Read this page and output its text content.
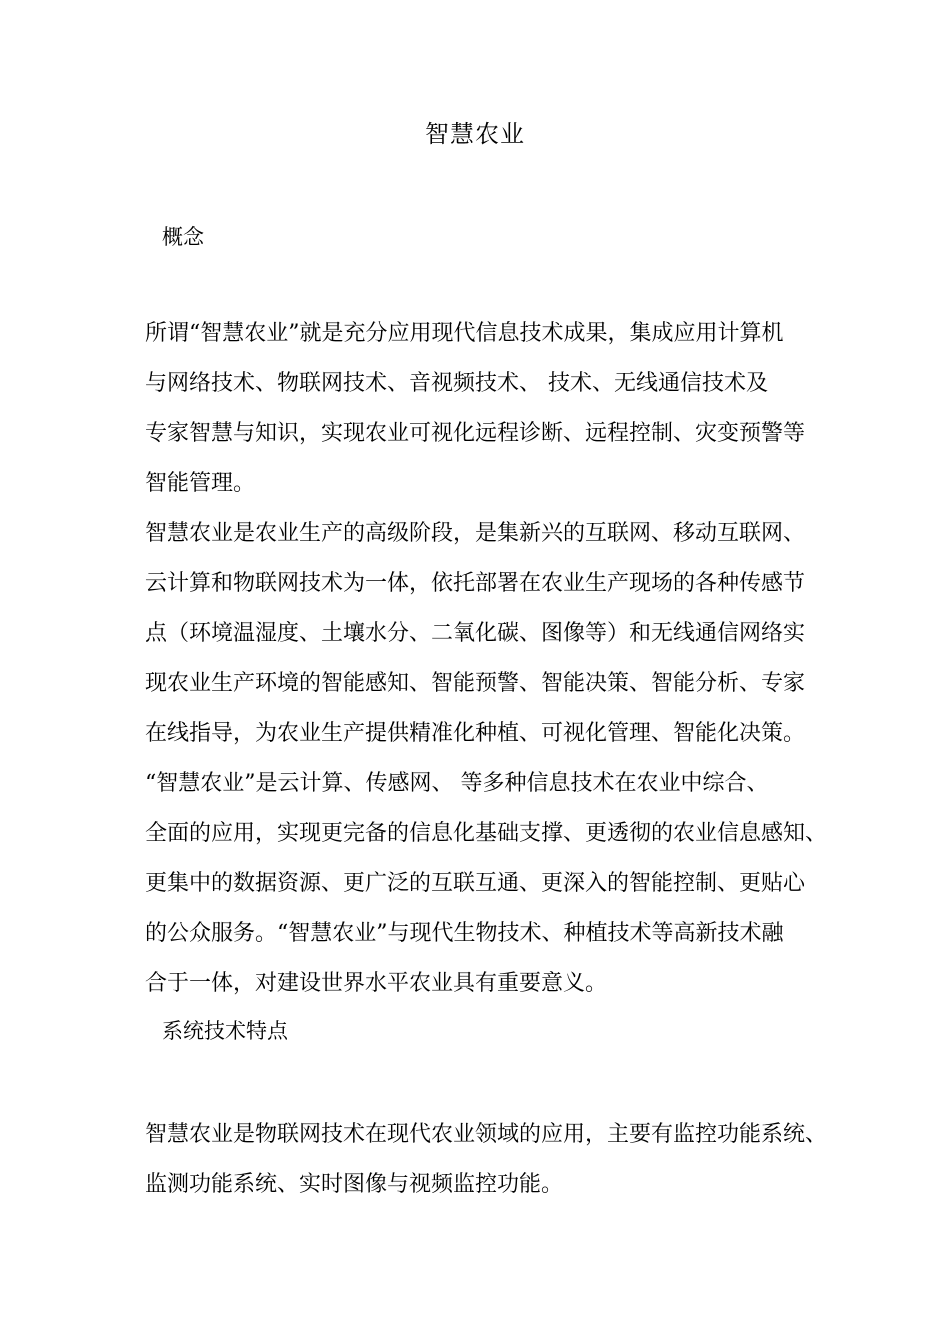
智慧农业
概念
所谓“智慧农业”就是充分应用现代信息技术成果，集成应用计算机
与网络技术、物联网技术、音视频技术、 技术、无线通信技术及
专家智慧与知识，实现农业可视化远程诊断、远程控制、灾变预警等
智能管理。
智慧农业是农业生产的高级阶段，是集新兴的互联网、移动互联网、
云计算和物联网技术为一体，依托部署在农业生产现场的各种传感节
点（环境温湿度、土壤水分、二氧化碳、图像等）和无线通信网络实
现农业生产环境的智能感知、智能预警、智能决策、智能分析、专家
在线指导，为农业生产提供精准化种植、可视化管理、智能化决策。
“智慧农业”是云计算、传感网、 等多种信息技术在农业中综合、
全面的应用，实现更完备的信息化基础支撑、更透彻的农业信息感知、
更集中的数据资源、更广泛的互联互通、更深入的智能控制、更贴心
的公众服务。“智慧农业”与现代生物技术、种植技术等高新技术融
合于一体，对建设世界水平农业具有重要意义。
系统技术特点
智慧农业是物联网技术在现代农业领域的应用，主要有监控功能系统、
监测功能系统、实时图像与视频监控功能。
